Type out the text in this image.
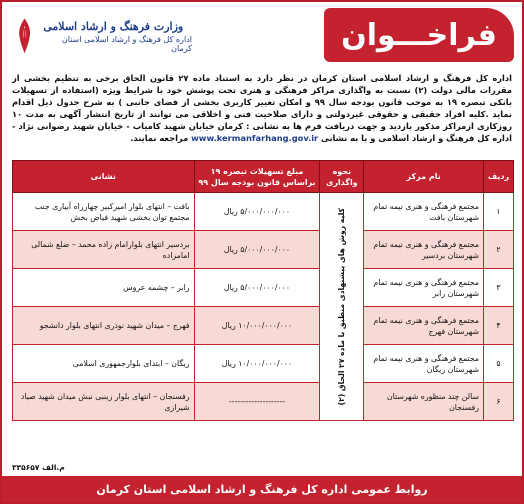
وزارت فرهنگ و ارشاد اسلامی
اداره کل فرهنگ و ارشاد اسلامی استان کرمان	فراخـــوان
اداره کل فرهنگ و ارشاد اسلامی استان کرمان در نظر دارد به استناد ماده ۲۷ قانون الحاق برخی به تنظیم بخشی از مقررات مالی دولت (۲) نسبت به واگذاری مراکز فرهنگی و هنری تحت پوشش خود با شرایط ویژه (استفاده از تسهیلات بانکی تبصره ۱۹ به موجب قانون بودجه سال ۹۹ و امکان تغییر کاربری بخشی از فضای جانبی ) به شرح جدول ذیل اقدام نماید .کلیه افراد حقیقی و حقوقی غیردولتی و دارای صلاحیت فنی و اخلاقی می توانند از تاریخ انتشار آگهی به مدت ۱۰ روزکاری ازمراکز مذکور بازدید و جهت دریافت فرم ها به نشانی : کرمان خیابان شهید کامیاب - خیابان شهید رضوانی نژاد - اداره کل فرهنگ و ارشاد اسلامی و یا به نشانی www.kermanfarhang.gov.ir مراجعه نمایند.
ردیف	نام مرکز	نحوه واگذاری	مبلغ تسهیلات تبصره ۱۹ براساس قانون بودجه سال ۹۹	نشانی
۱	مجتمع فرهنگی و هنری نیمه تمام شهرستان بافت	کلیه روش های پیشنهادی منطبق با ماده ۲۷ الحاق (۲)	۵/۰۰۰/۰۰۰/۰۰۰ ریال	بافت – انتهای بلوار امیرکبیر چهارراه آبیاری جنب مجتمع توان بخشی شهید فیاض بخش
۲	مجتمع فرهنگی و هنری نیمه تمام شهرستان بردسیر		۵/۰۰۰/۰۰۰/۰۰۰ ریال	بردسیر انتهای بلوارامام زاده محمد – ضلع شمالی امامزاده
۳	مجتمع فرهنگی و هنری نیمه تمام شهرستان رابر		۵/۰۰۰/۰۰۰/۰۰۰ ریال	رابر – چشمه عروس
۴	مجتمع فرهنگی و هنری نیمه تمام شهرستان فهرج		۱۰/۰۰۰/۰۰۰/۰۰۰ ریال	فهرج – میدان شهید نوذری انتهای بلوار دانشجو
۵	مجتمع فرهنگی و هنری نیمه تمام شهرستان ریگان		۱۰/۰۰۰/۰۰۰/۰۰۰ ریال	ریگان – ابتدای بلوارجمهوری اسلامی
۶	سالن چند منظوره شهرستان رفسنجان		--------------------	رفسنجان – انتهای بلوار زینبی نبش میدان شهید صیاد شیرازی
م.الف ۳۳۵۶۵۷
روابط عمومی اداره کل فرهنگ و ارشاد اسلامی استان کرمان
